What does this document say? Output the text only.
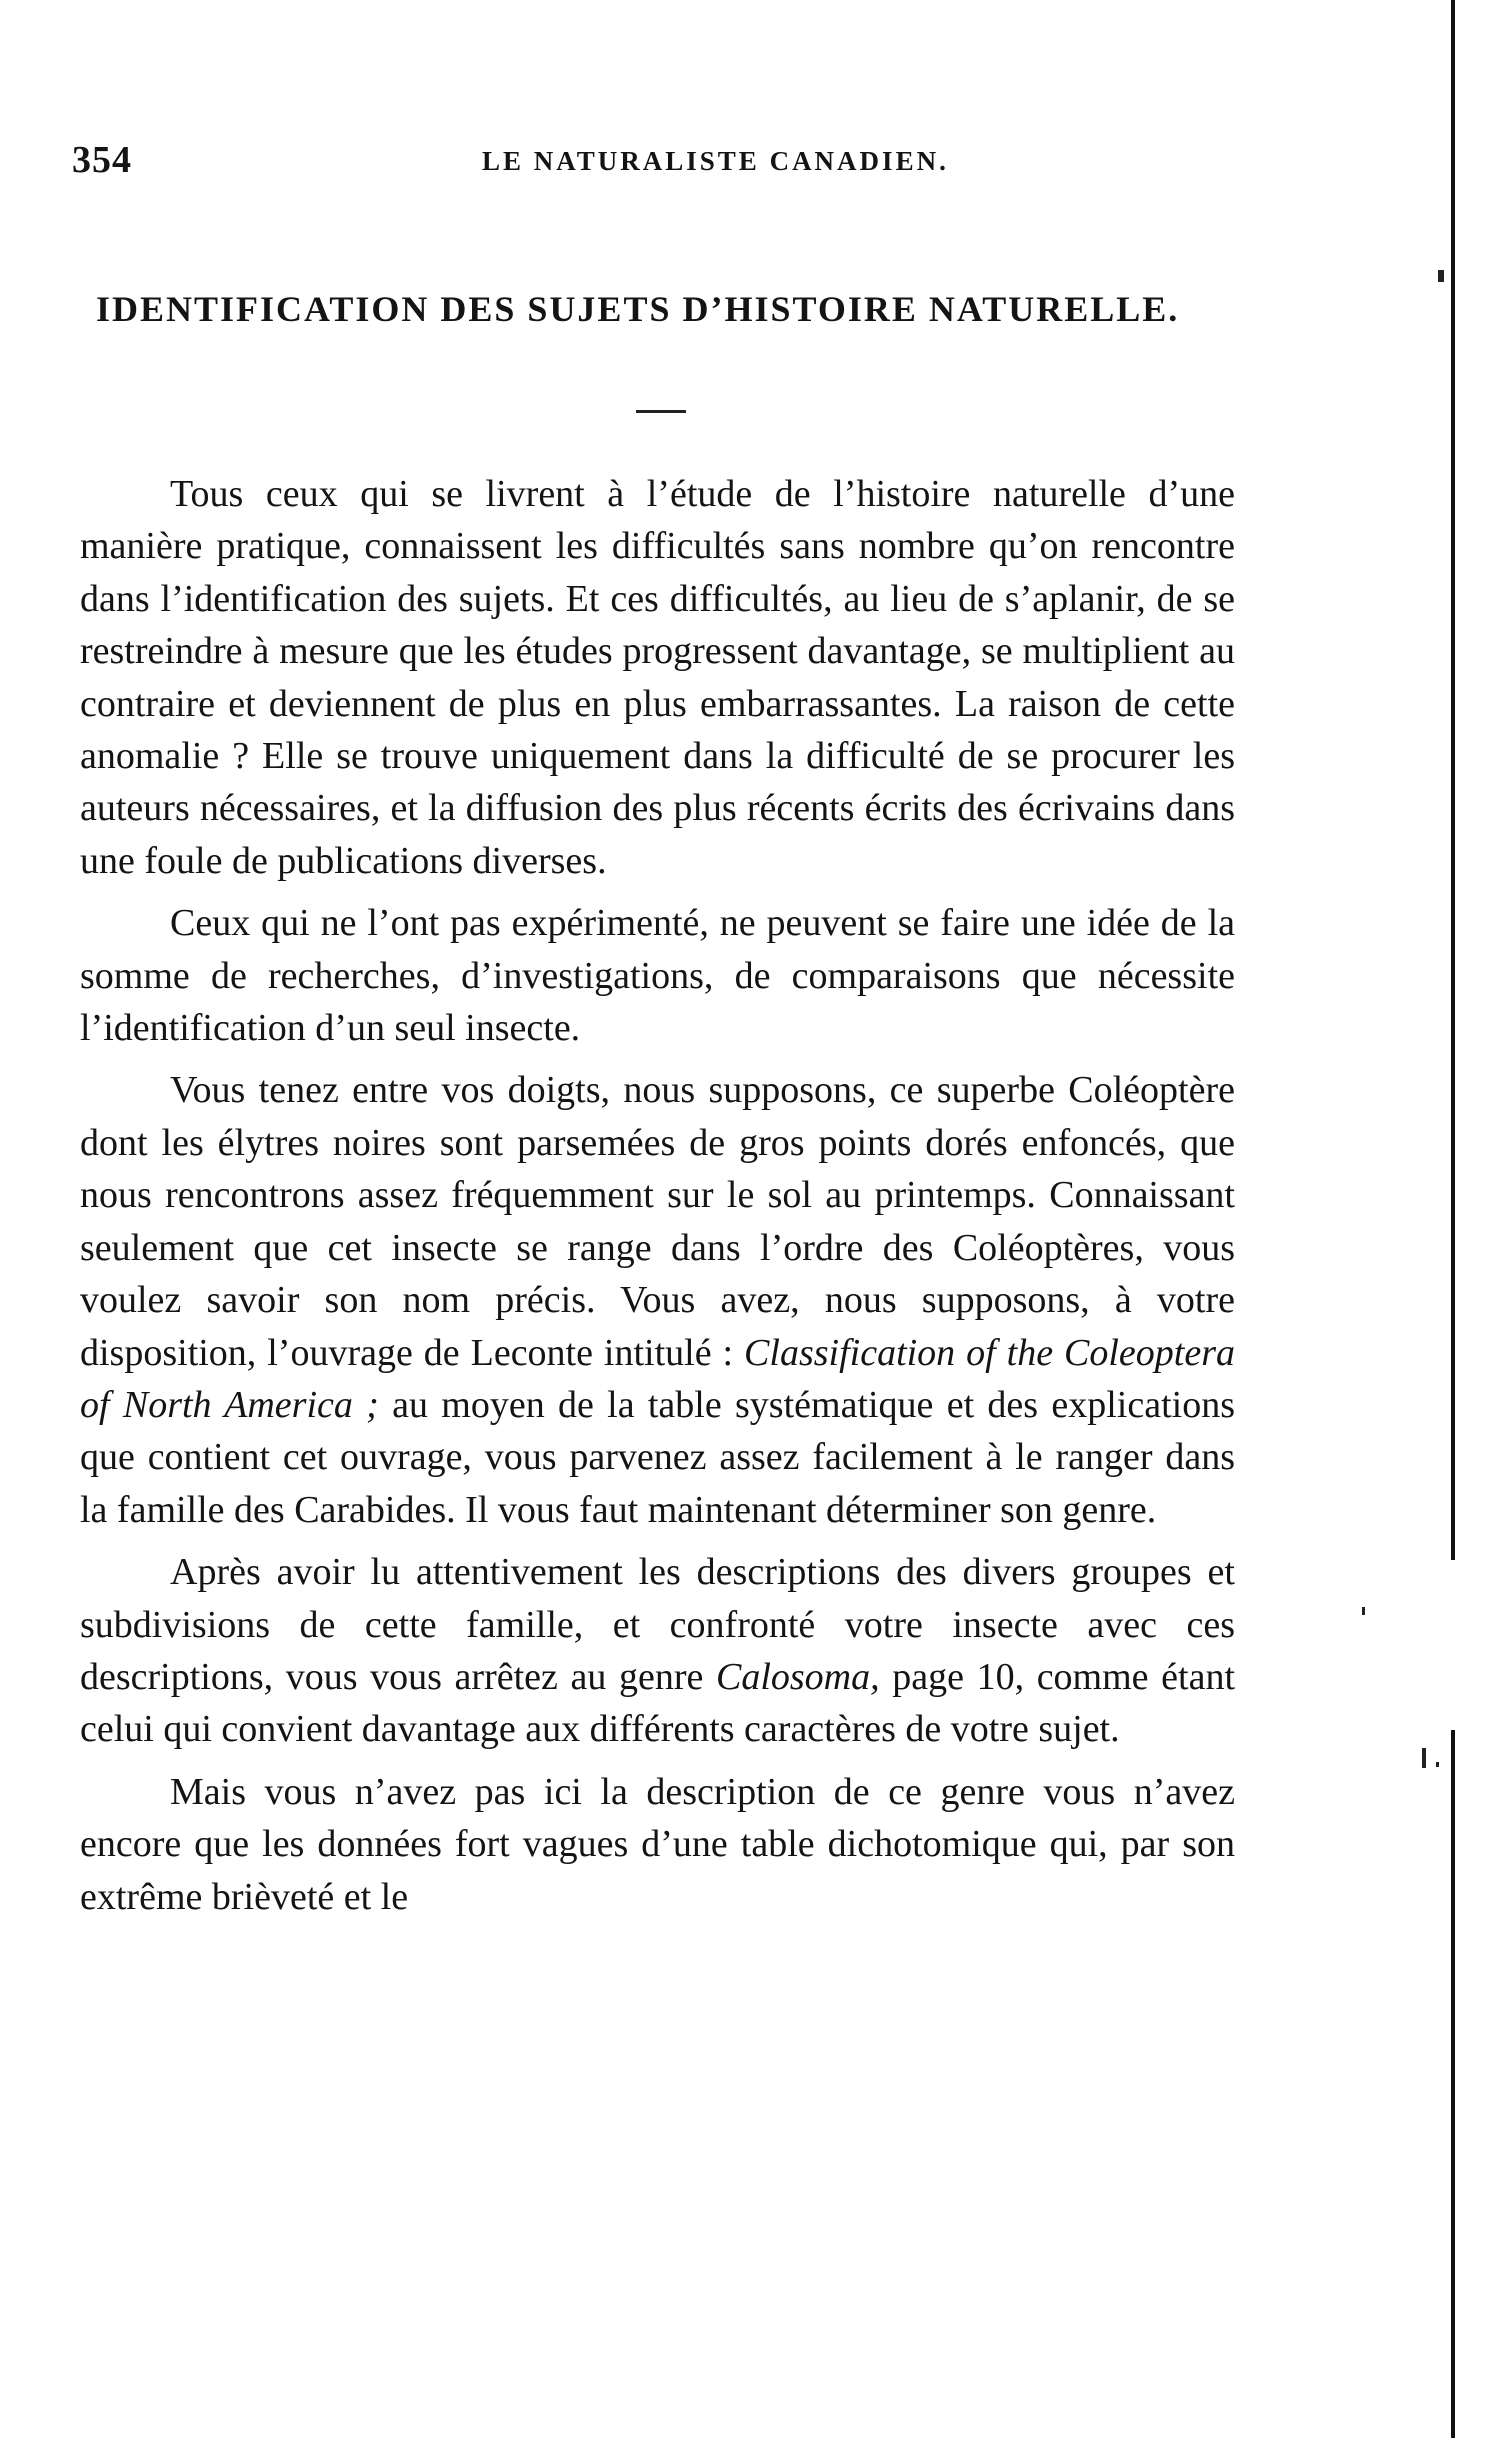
354	LE NATURALISTE CANADIEN.
IDENTIFICATION DES SUJETS D’HISTOIRE NATURELLE.

Tous ceux qui se livrent à l’étude de l’histoire naturelle d’une manière pratique, connaissent les difficultés sans nombre qu’on rencontre dans l’identification des sujets. Et ces difficultés, au lieu de s’aplanir, de se restreindre à mesure que les études progressent davantage, se multiplient au contraire et deviennent de plus en plus embarrassantes. La raison de cette anomalie ? Elle se trouve uniquement dans la difficulté de se procurer les auteurs nécessaires, et la diffusion des plus récents écrits des écrivains dans une foule de publications diverses.

Ceux qui ne l’ont pas expérimenté, ne peuvent se faire une idée de la somme de recherches, d’investigations, de comparaisons que nécessite l’identification d’un seul insecte.

Vous tenez entre vos doigts, nous supposons, ce superbe Coléoptère dont les élytres noires sont parsemées de gros points dorés enfoncés, que nous rencontrons assez fréquemment sur le sol au printemps. Connaissant seulement que cet insecte se range dans l’ordre des Coléoptères, vous voulez savoir son nom précis. Vous avez, nous supposons, à votre disposition, l’ouvrage de Leconte intitulé : Classification of the Coleoptera of North America ; au moyen de la table systématique et des explications que contient cet ouvrage, vous parvenez assez facilement à le ranger dans la famille des Carabides. Il vous faut maintenant déterminer son genre.

Après avoir lu attentivement les descriptions des divers groupes et subdivisions de cette famille, et confronté votre insecte avec ces descriptions, vous vous arrêtez au genre Calosoma, page 10, comme étant celui qui convient davantage aux différents caractères de votre sujet.

Mais vous n’avez pas ici la description de ce genre vous n’avez encore que les données fort vagues d’une table dichotomique qui, par son extrême brièveté et le
